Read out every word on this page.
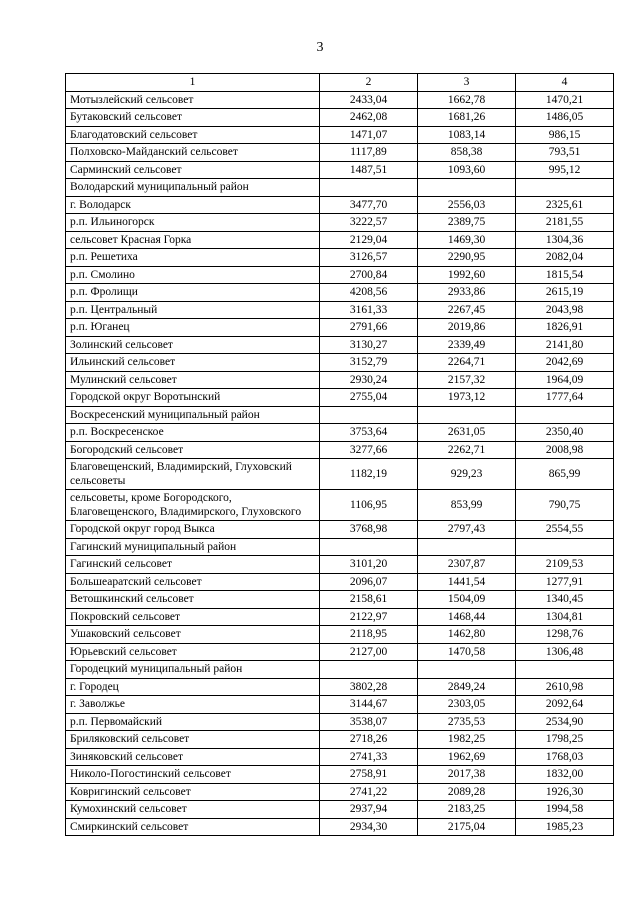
3
1	2	3	4
Мотызлейский сельсовет	2433,04	1662,78	1470,21
Бутаковский сельсовет	2462,08	1681,26	1486,05
Благодатовский сельсовет	1471,07	1083,14	986,15
Полховско-Майданский сельсовет	1117,89	858,38	793,51
Сарминский сельсовет	1487,51	1093,60	995,12
Володарский муниципальный район			
г. Володарск	3477,70	2556,03	2325,61
р.п. Ильиногорск	3222,57	2389,75	2181,55
сельсовет Красная Горка	2129,04	1469,30	1304,36
р.п. Решетиха	3126,57	2290,95	2082,04
р.п. Смолино	2700,84	1992,60	1815,54
р.п. Фролищи	4208,56	2933,86	2615,19
р.п. Центральный	3161,33	2267,45	2043,98
р.п. Юганец	2791,66	2019,86	1826,91
Золинский сельсовет	3130,27	2339,49	2141,80
Ильинский сельсовет	3152,79	2264,71	2042,69
Мулинский сельсовет	2930,24	2157,32	1964,09
Городской округ Воротынский	2755,04	1973,12	1777,64
Воскресенский муниципальный район			
р.п. Воскресенское	3753,64	2631,05	2350,40
Богородский сельсовет	3277,66	2262,71	2008,98
Благовещенский, Владимирский, Глуховский сельсоветы	1182,19	929,23	865,99
сельсоветы, кроме Богородского, Благовещенского, Владимирского, Глуховского	1106,95	853,99	790,75
Городской округ город Выкса	3768,98	2797,43	2554,55
Гагинский муниципальный район			
Гагинский сельсовет	3101,20	2307,87	2109,53
Большеаратский сельсовет	2096,07	1441,54	1277,91
Ветошкинский сельсовет	2158,61	1504,09	1340,45
Покровский сельсовет	2122,97	1468,44	1304,81
Ушаковский сельсовет	2118,95	1462,80	1298,76
Юрьевский сельсовет	2127,00	1470,58	1306,48
Городецкий муниципальный район			
г. Городец	3802,28	2849,24	2610,98
г. Заволжье	3144,67	2303,05	2092,64
р.п. Первомайский	3538,07	2735,53	2534,90
Бриляковский сельсовет	2718,26	1982,25	1798,25
Зиняковский сельсовет	2741,33	1962,69	1768,03
Николо-Погостинский сельсовет	2758,91	2017,38	1832,00
Ковригинский сельсовет	2741,22	2089,28	1926,30
Кумохинский сельсовет	2937,94	2183,25	1994,58
Смиркинский сельсовет	2934,30	2175,04	1985,23
